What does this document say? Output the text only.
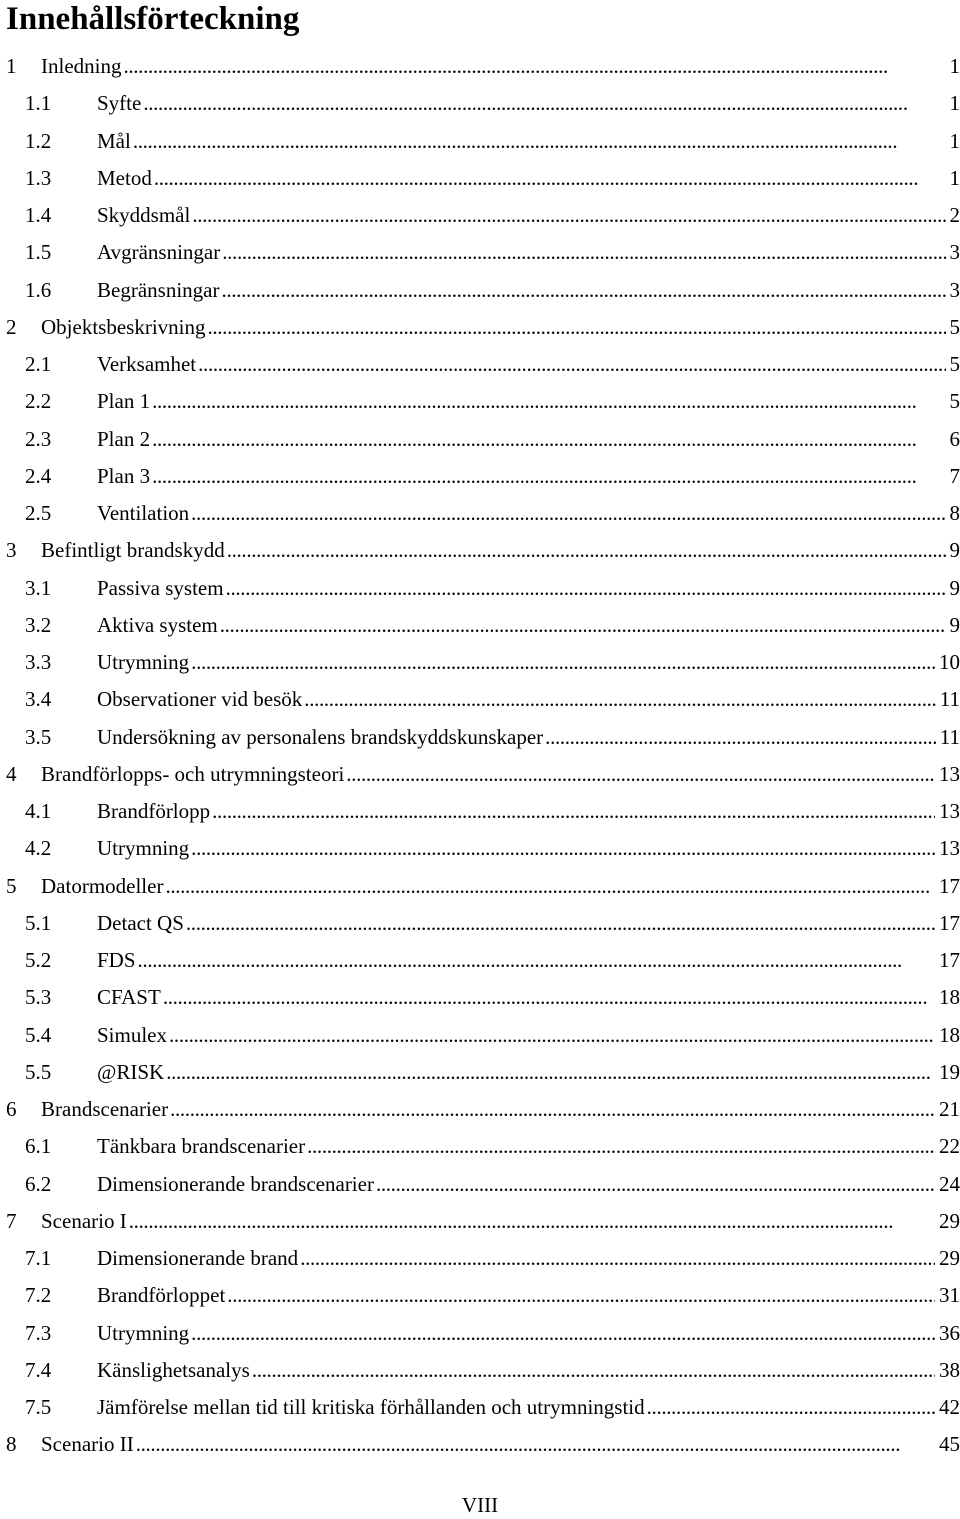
Innehållsförteckning
1 Inledning . . .	1
1.1 Syfte . . .	1
1.2 Mål . . .	1
1.3 Metod . . .	1
1.4 Skyddsmål . . .	2
1.5 Avgränsningar . . .	3
1.6 Begränsningar . . .	3
2 Objektsbeskrivning . . .	5
2.1 Verksamhet . . .	5
2.2 Plan 1 . . .	5
2.3 Plan 2 . . .	6
2.4 Plan 3 . . .	7
2.5 Ventilation . . .	8
3 Befintligt brandskydd . . .	9
3.1 Passiva system . . .	9
3.2 Aktiva system . . .	9
3.3 Utrymning . . .	10
3.4 Observationer vid besök . . .	11
3.5 Undersökning av personalens brandskyddskunskaper . . .	11
4 Brandförlopps- och utrymningsteori . . .	13
4.1 Brandförlopp . . .	13
4.2 Utrymning . . .	13
5 Datormodeller . . .	17
5.1 Detact QS . . .	17
5.2 FDS . . .	17
5.3 CFAST . . .	18
5.4 Simulex . . .	18
5.5 @RISK . . .	19
6 Brandscenarier . . .	21
6.1 Tänkbara brandscenarier . . .	22
6.2 Dimensionerande brandscenarier . . .	24
7 Scenario I . . .	29
7.1 Dimensionerande brand . . .	29
7.2 Brandförloppet . . .	31
7.3 Utrymning . . .	36
7.4 Känslighetsanalys . . .	38
7.5 Jämförelse mellan tid till kritiska förhållanden och utrymningstid . . .	42
8 Scenario II . . .	45
VIII
